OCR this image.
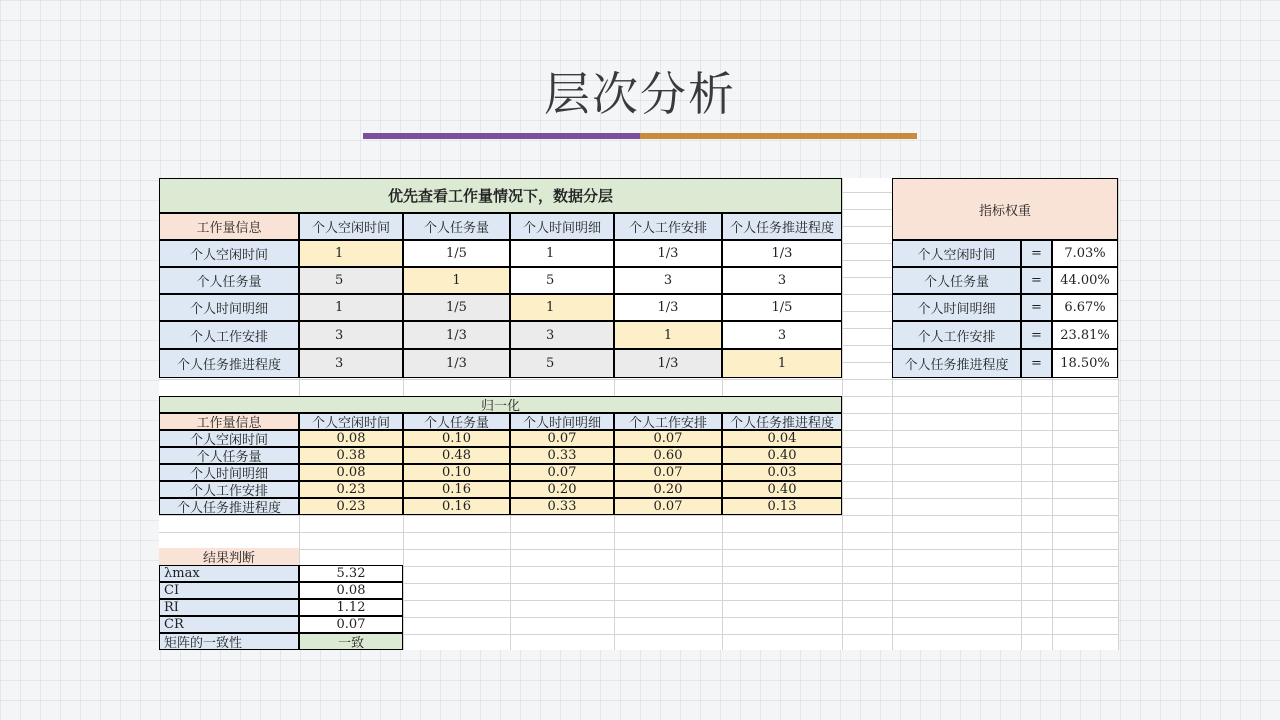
层次分析
优先查看工作量情况下，数据分层
工作量信息	个人空闲时间	个人任务量	个人时间明细	个人工作安排	个人任务推进程度
个人空闲时间	1	1/5	1	1/3	1/3
个人任务量	5	1	5	3	3
个人时间明细	1	1/5	1	1/3	1/5
个人工作安排	3	1/3	3	1	3
个人任务推进程度	3	1/3	5	1/3	1
指标权重
个人空闲时间	=	7.03%
个人任务量	=	44.00%
个人时间明细	=	6.67%
个人工作安排	=	23.81%
个人任务推进程度	=	18.50%
归一化
工作量信息	个人空闲时间	个人任务量	个人时间明细	个人工作安排	个人任务推进程度
个人空闲时间	0.08	0.10	0.07	0.07	0.04
个人任务量	0.38	0.48	0.33	0.60	0.40
个人时间明细	0.08	0.10	0.07	0.07	0.03
个人工作安排	0.23	0.16	0.20	0.20	0.40
个人任务推进程度	0.23	0.16	0.33	0.07	0.13
结果判断
λmax	5.32
CI	0.08
RI	1.12
CR	0.07
矩阵的一致性	一致
